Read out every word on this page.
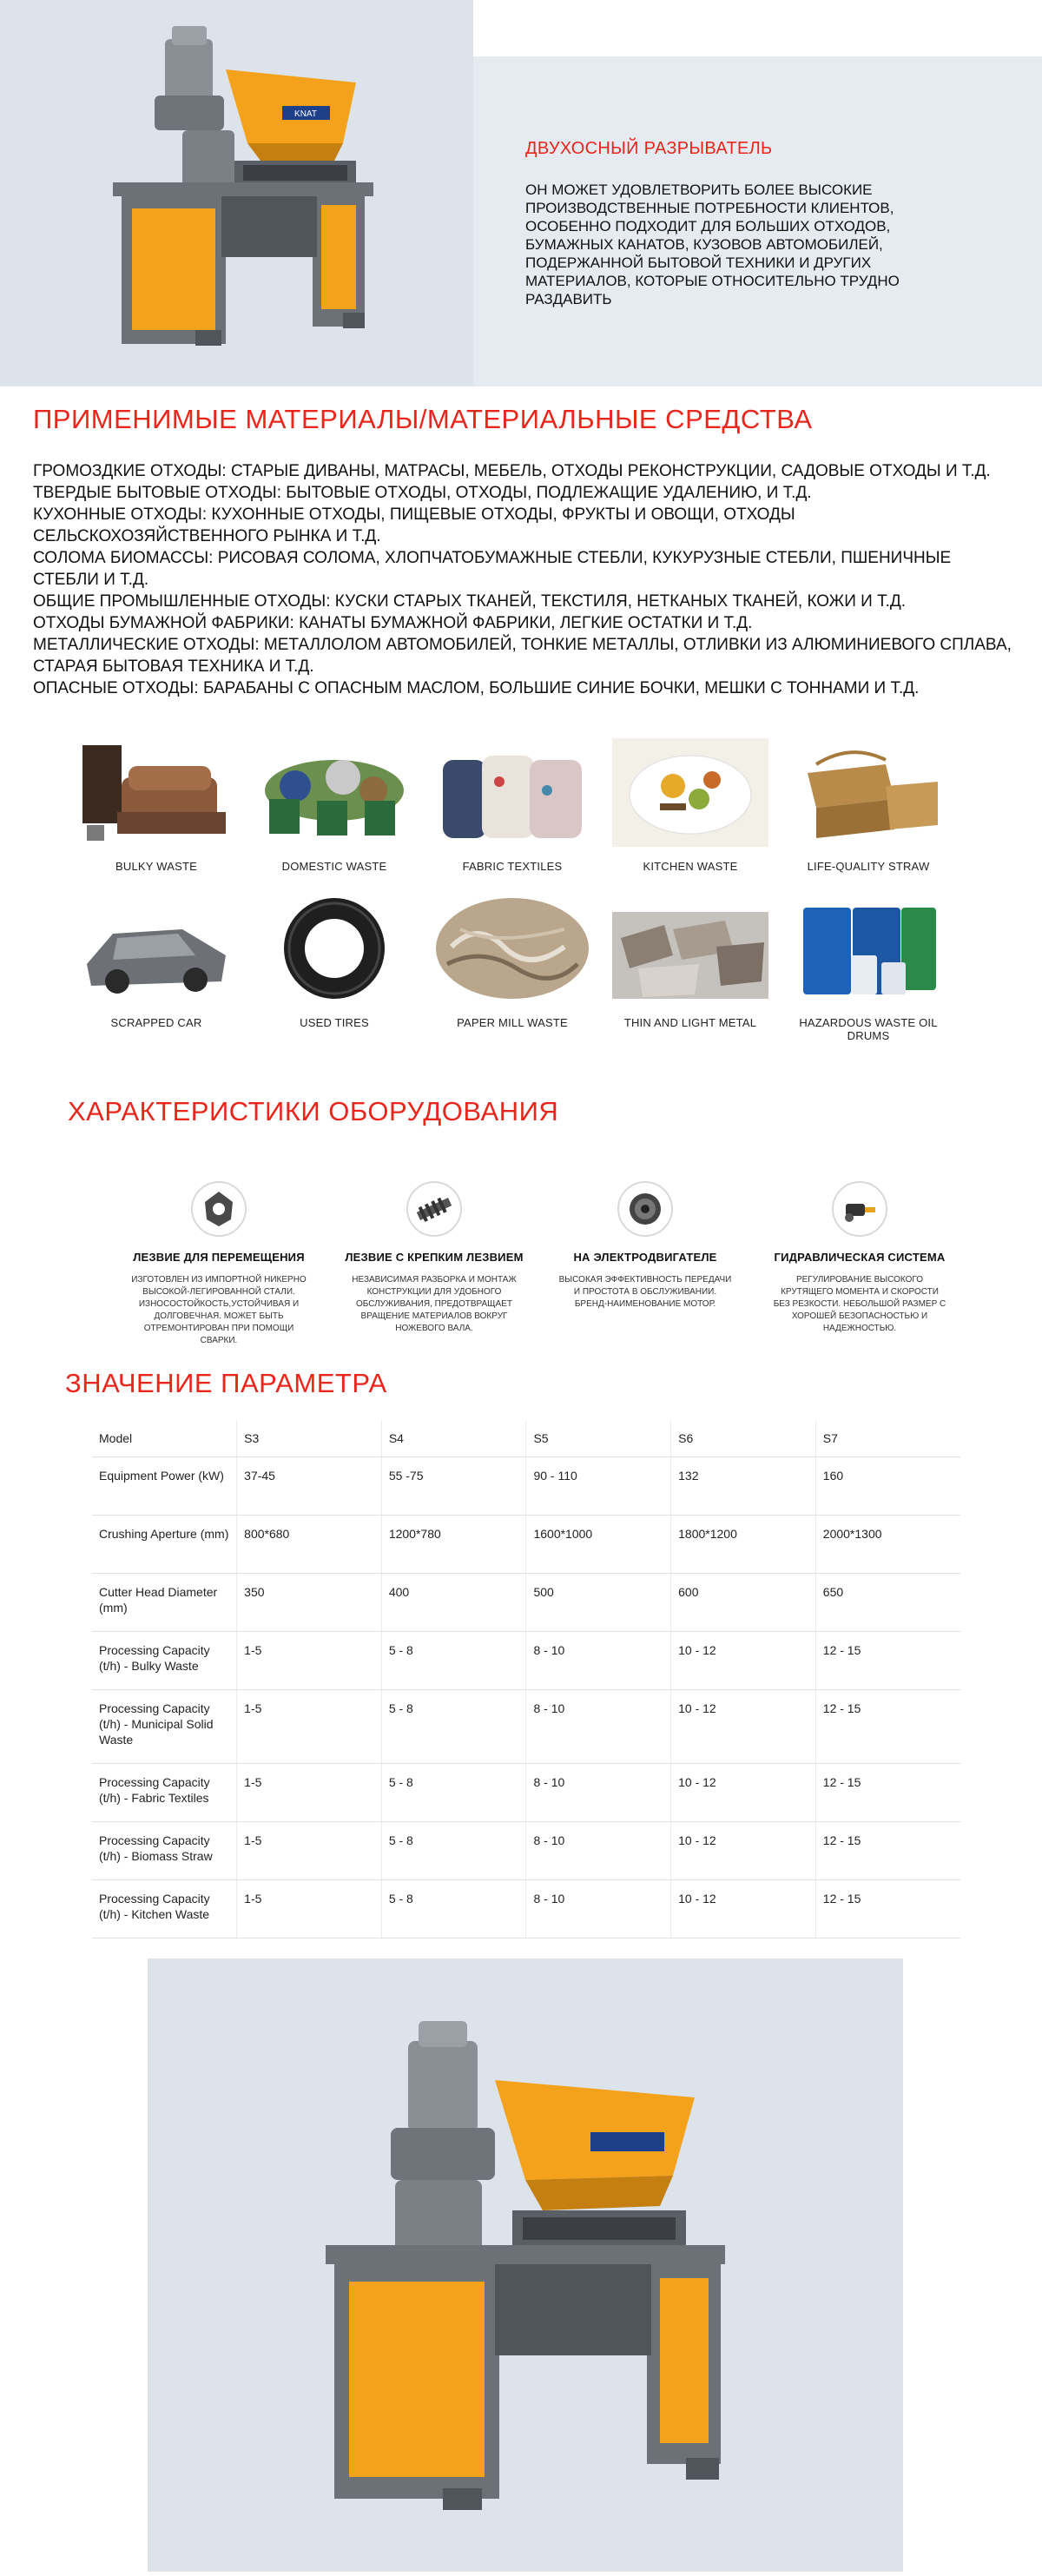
KNAT
ДВУХОСНЫЙ РАЗРЫВАТЕЛЬ
ОН МОЖЕТ УДОВЛЕТВОРИТЬ БОЛЕЕ ВЫСОКИЕ ПРОИЗВОДСТВЕННЫЕ ПОТРЕБНОСТИ КЛИЕНТОВ, ОСОБЕННО ПОДХОДИТ ДЛЯ БОЛЬШИХ ОТХОДОВ, БУМАЖНЫХ КАНАТОВ, КУЗОВОВ АВТОМОБИЛЕЙ, ПОДЕРЖАННОЙ БЫТОВОЙ ТЕХНИКИ И ДРУГИХ МАТЕРИАЛОВ, КОТОРЫЕ ОТНОСИТЕЛЬНО ТРУДНО РАЗДАВИТЬ
ПРИМЕНИМЫЕ МАТЕРИАЛЫ/МАТЕРИАЛЬНЫЕ СРЕДСТВА
ГРОМОЗДКИЕ ОТХОДЫ: СТАРЫЕ ДИВАНЫ, МАТРАСЫ, МЕБЕЛЬ, ОТХОДЫ РЕКОНСТРУКЦИИ, САДОВЫЕ ОТХОДЫ И Т.Д.
ТВЕРДЫЕ БЫТОВЫЕ ОТХОДЫ: БЫТОВЫЕ ОТХОДЫ, ОТХОДЫ, ПОДЛЕЖАЩИЕ УДАЛЕНИЮ, И Т.Д.
КУХОННЫЕ ОТХОДЫ: КУХОННЫЕ ОТХОДЫ, ПИЩЕВЫЕ ОТХОДЫ, ФРУКТЫ И ОВОЩИ, ОТХОДЫ СЕЛЬСКОХОЗЯЙСТВЕННОГО РЫНКА И Т.Д.
СОЛОМА БИОМАССЫ: РИСОВАЯ СОЛОМА, ХЛОПЧАТОБУМАЖНЫЕ СТЕБЛИ, КУКУРУЗНЫЕ СТЕБЛИ, ПШЕНИЧНЫЕ СТЕБЛИ И Т.Д.
ОБЩИЕ ПРОМЫШЛЕННЫЕ ОТХОДЫ: КУСКИ СТАРЫХ ТКАНЕЙ, ТЕКСТИЛЯ, НЕТКАНЫХ ТКАНЕЙ, КОЖИ И Т.Д.
ОТХОДЫ БУМАЖНОЙ ФАБРИКИ: КАНАТЫ БУМАЖНОЙ ФАБРИКИ, ЛЕГКИЕ ОСТАТКИ И Т.Д.
МЕТАЛЛИЧЕСКИЕ ОТХОДЫ: МЕТАЛЛОЛОМ АВТОМОБИЛЕЙ, ТОНКИЕ МЕТАЛЛЫ, ОТЛИВКИ ИЗ АЛЮМИНИЕВОГО СПЛАВА, СТАРАЯ БЫТОВАЯ ТЕХНИКА И Т.Д.
ОПАСНЫЕ ОТХОДЫ: БАРАБАНЫ С ОПАСНЫМ МАСЛОМ, БОЛЬШИЕ СИНИЕ БОЧКИ, МЕШКИ С ТОННАМИ И Т.Д.
BULKY WASTE	DOMESTIC WASTE	FABRIC TEXTILES	KITCHEN WASTE	LIFE-QUALITY STRAW
SCRAPPED CAR	USED TIRES	PAPER MILL WASTE	THIN AND LIGHT METAL	HAZARDOUS WASTE OIL DRUMS
ХАРАКТЕРИСТИКИ ОБОРУДОВАНИЯ
ЛЕЗВИЕ ДЛЯ ПЕРЕМЕЩЕНИЯ
ИЗГОТОВЛЕН ИЗ ИМПОРТНОЙ НИКЕРНО ВЫСОКОЙ-ЛЕГИРОВАННОЙ СТАЛИ. ИЗНОСОСТОЙКОСТЬ,УСТОЙЧИВАЯ И ДОЛГОВЕЧНАЯ. МОЖЕТ БЫТЬ ОТРЕМОНТИРОВАН ПРИ ПОМОЩИ СВАРКИ.
ЛЕЗВИЕ С КРЕПКИМ ЛЕЗВИЕМ
НЕЗАВИСИМАЯ РАЗБОРКА И МОНТАЖ КОНСТРУКЦИИ ДЛЯ УДОБНОГО ОБСЛУЖИВАНИЯ, ПРЕДОТВРАЩАЕТ ВРАЩЕНИЕ МАТЕРИАЛОВ ВОКРУГ НОЖЕВОГО ВАЛА.
НА ЭЛЕКТРОДВИГАТЕЛЕ
ВЫСОКАЯ ЭФФЕКТИВНОСТЬ ПЕРЕДАЧИ И ПРОСТОТА В ОБСЛУЖИВАНИИ. БРЕНД-НАИМЕНОВАНИЕ МОТОР.
ГИДРАВЛИЧЕСКАЯ СИСТЕМА
РЕГУЛИРОВАНИЕ ВЫСОКОГО КРУТЯЩЕГО МОМЕНТА И СКОРОСТИ БЕЗ РЕЗКОСТИ. НЕБОЛЬШОЙ РАЗМЕР С ХОРОШЕЙ БЕЗОПАСНОСТЬЮ И НАДЕЖНОСТЬЮ.
ЗНАЧЕНИЕ ПАРАМЕТРА
Model	S3	S4	S5	S6	S7
Equipment Power (kW)	37-45	55 -75	90 - 110	132	160
Crushing Aperture (mm)	800*680	1200*780	1600*1000	1800*1200	2000*1300
Cutter Head Diameter (mm)	350	400	500	600	650
Processing Capacity (t/h) - Bulky Waste	1-5	5 - 8	8 - 10	10 - 12	12 - 15
Processing Capacity (t/h) - Municipal Solid Waste	1-5	5 - 8	8 - 10	10 - 12	12 - 15
Processing Capacity (t/h) - Fabric Textiles	1-5	5 - 8	8 - 10	10 - 12	12 - 15
Processing Capacity (t/h) - Biomass Straw	1-5	5 - 8	8 - 10	10 - 12	12 - 15
Processing Capacity (t/h) - Kitchen Waste	1-5	5 - 8	8 - 10	10 - 12	12 - 15
